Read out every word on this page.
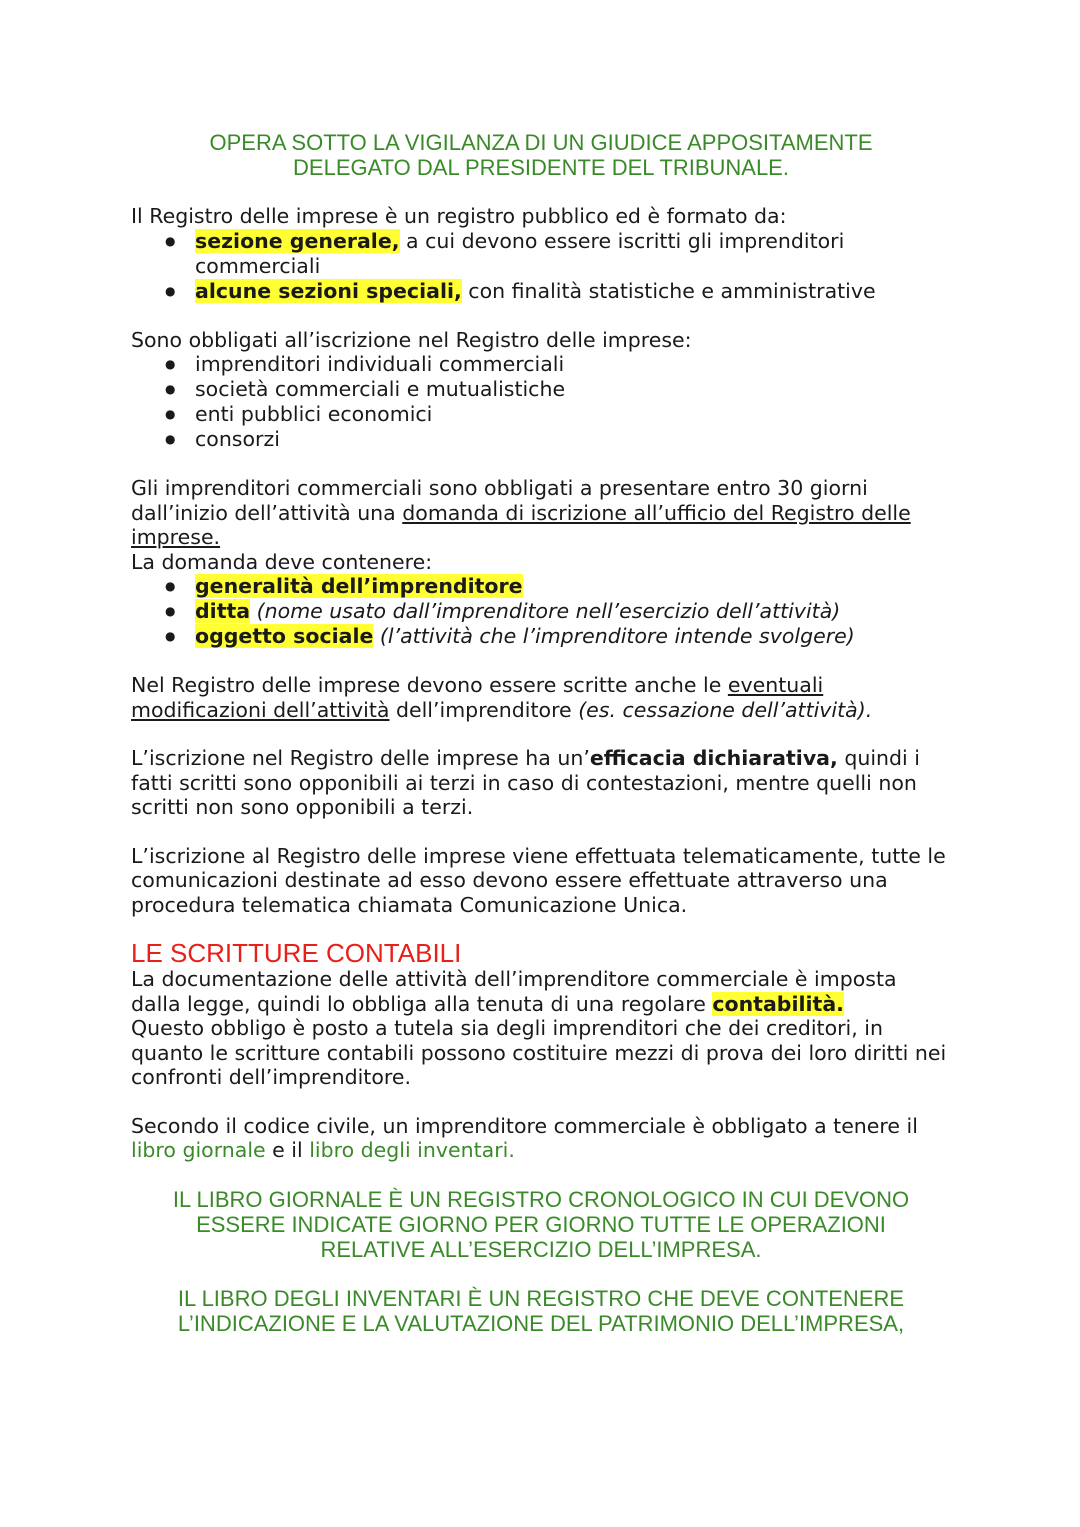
OPERA SOTTO LA VIGILANZA DI UN GIUDICE APPOSITAMENTE
DELEGATO DAL PRESIDENTE DEL TRIBUNALE.

Il Registro delle imprese è un registro pubblico ed è formato da:

● sezione generale, a cui devono essere iscritti gli imprenditori commerciali
● alcune sezioni speciali, con finalità statistiche e amministrative

Sono obbligati all’iscrizione nel Registro delle imprese:

● imprenditori individuali commerciali
● società commerciali e mutualistiche
● enti pubblici economici
● consorzi

Gli imprenditori commerciali sono obbligati a presentare entro 30 giorni dall’inizio dell’attività una domanda di iscrizione all’ufficio del Registro delle imprese.
La domanda deve contenere:

● generalità dell’imprenditore
● ditta (nome usato dall’imprenditore nell’esercizio dell’attività)
● oggetto sociale (l’attività che l’imprenditore intende svolgere)

Nel Registro delle imprese devono essere scritte anche le eventuali modificazioni dell’attività dell’imprenditore (es. cessazione dell’attività).

L’iscrizione nel Registro delle imprese ha un’efficacia dichiarativa, quindi i fatti scritti sono opponibili ai terzi in caso di contestazioni, mentre quelli non scritti non sono opponibili a terzi.

L’iscrizione al Registro delle imprese viene effettuata telematicamente, tutte le comunicazioni destinate ad esso devono essere effettuate attraverso una procedura telematica chiamata Comunicazione Unica.

LE SCRITTURE CONTABILI

La documentazione delle attività dell’imprenditore commerciale è imposta dalla legge, quindi lo obbliga alla tenuta di una regolare contabilità.

Questo obbligo è posto a tutela sia degli imprenditori che dei creditori, in quanto le scritture contabili possono costituire mezzi di prova dei loro diritti nei confronti dell’imprenditore.

Secondo il codice civile, un imprenditore commerciale è obbligato a tenere il libro giornale e il libro degli inventari.

IL LIBRO GIORNALE È UN REGISTRO CRONOLOGICO IN CUI DEVONO ESSERE INDICATE GIORNO PER GIORNO TUTTE LE OPERAZIONI RELATIVE ALL’ESERCIZIO DELL’IMPRESA.

IL LIBRO DEGLI INVENTARI È UN REGISTRO CHE DEVE CONTENERE L’INDICAZIONE E LA VALUTAZIONE DEL PATRIMONIO DELL’IMPRESA,
